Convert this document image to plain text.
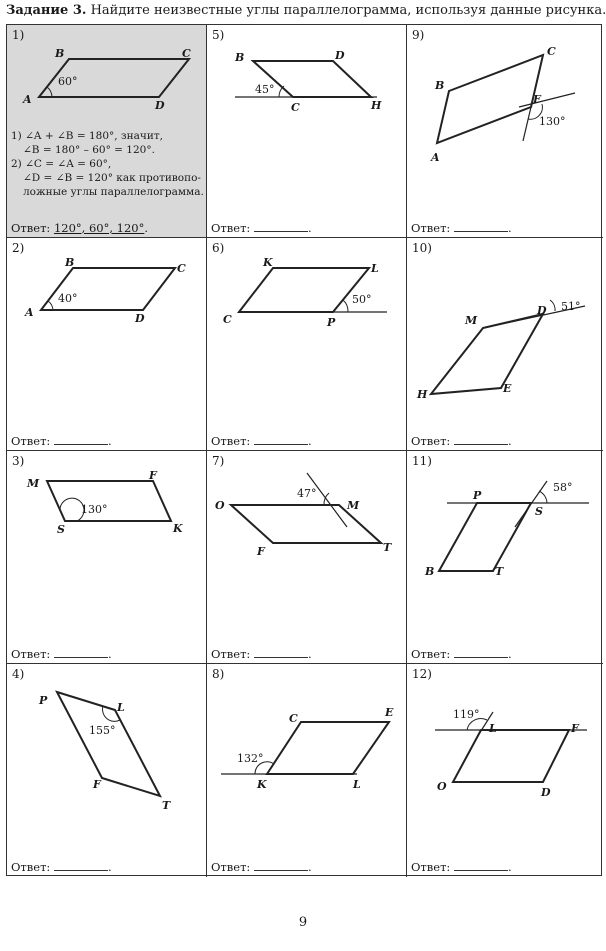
Задание 3. Найдите неизвестные углы параллелограмма, используя данные рисунка.
1)
B	C
A	D
60°
1) ∠A + ∠B = 180°, значит,
∠B = 180° – 60° = 120°.
2) ∠C = ∠A = 60°,
∠D = ∠B = 120° как противопо-
ложные углы параллелограмма.
Ответ: 120°, 60°, 120°.
2)
B	C
A	D
40°
Ответ:	.
3)
M
F
S	K
130°
Ответ:	.
4)
P
L
F
T
155°
Ответ:	.
5)
B	D
C	H
45°
Ответ:	.
6)
K	L
C	P
50°
Ответ:	.
7)
O	M
F	T
47°
Ответ:	.
8)
C	E
K	L
132°
Ответ:	.
9)
B
C
F
A
130°
Ответ:	.
10)
M
D
H	E
51°
Ответ:	.
11)
P
S
B	T
58°
Ответ:	.
12)
L	F
O	D
119°
Ответ:	.
9
